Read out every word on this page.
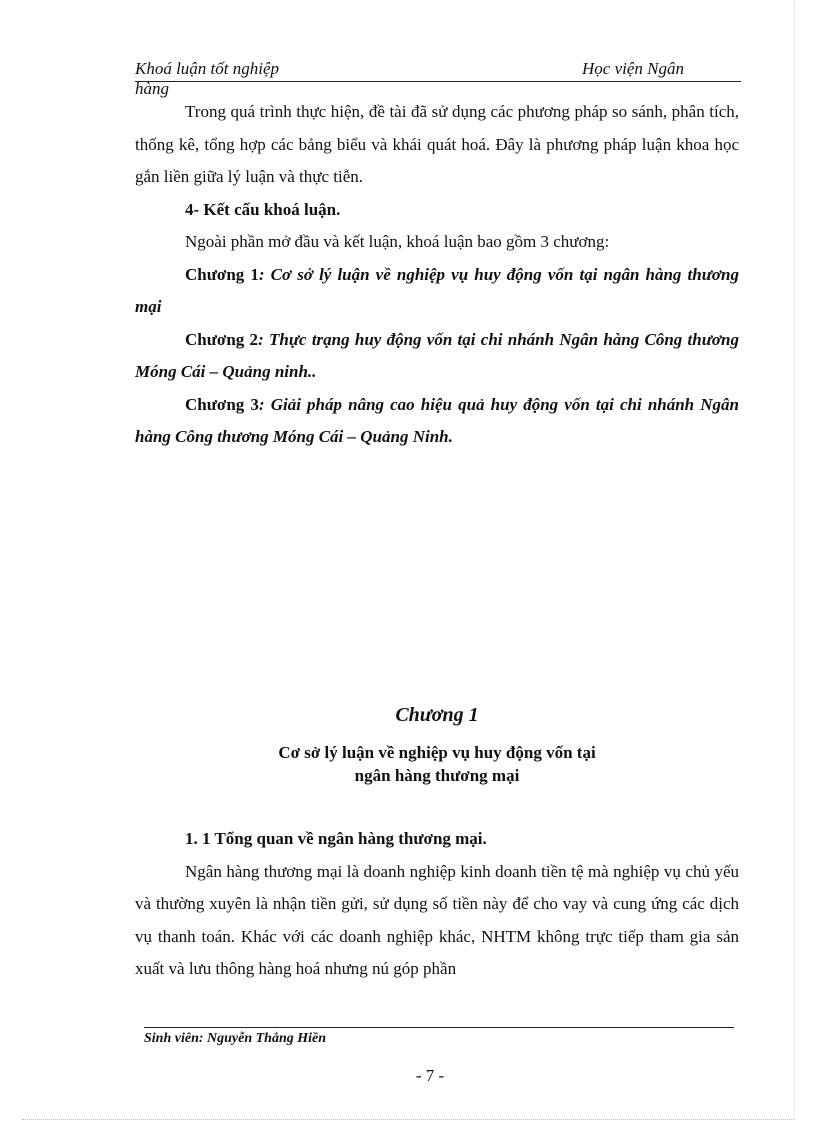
Khoá luận tốt nghiệp	Học viện Ngân
hàng

Trong quá trình thực hiện, đề tài đã sử dụng các phương pháp so sánh, phân tích, thống kê, tổng hợp các bảng biểu và khái quát hoá. Đây là phương pháp luận khoa học gắn liền giữa lý luận và thực tiễn.

4- Kết cấu khoá luận.

Ngoài phần mở đầu và kết luận, khoá luận bao gồm 3 chương:

Chương 1: Cơ sở lý luận về nghiệp vụ huy động vốn tại ngân hàng thương mại

Chương 2: Thực trạng huy động vốn tại chi nhánh Ngân hàng Công thương Móng Cái – Quảng ninh..

Chương 3: Giải pháp nâng cao hiệu quả huy động vốn tại chi nhánh Ngân hàng Công thương Móng Cái – Quảng Ninh.

Chương 1
Cơ sở lý luận về nghiệp vụ huy động vốn tại
ngân hàng thương mại

1. 1 Tổng quan về ngân hàng thương mại.

Ngân hàng thương mại là doanh nghiệp kinh doanh tiền tệ mà nghiệp vụ chủ yếu và thường xuyên là nhận tiền gửi, sử dụng số tiền này để cho vay và cung ứng các dịch vụ thanh toán. Khác với các doanh nghiệp khác, NHTM không trực tiếp tham gia sản xuất và lưu thông hàng hoá nhưng nú góp phần

Sinh viên: Nguyễn Thắng Hiền
- 7 -
